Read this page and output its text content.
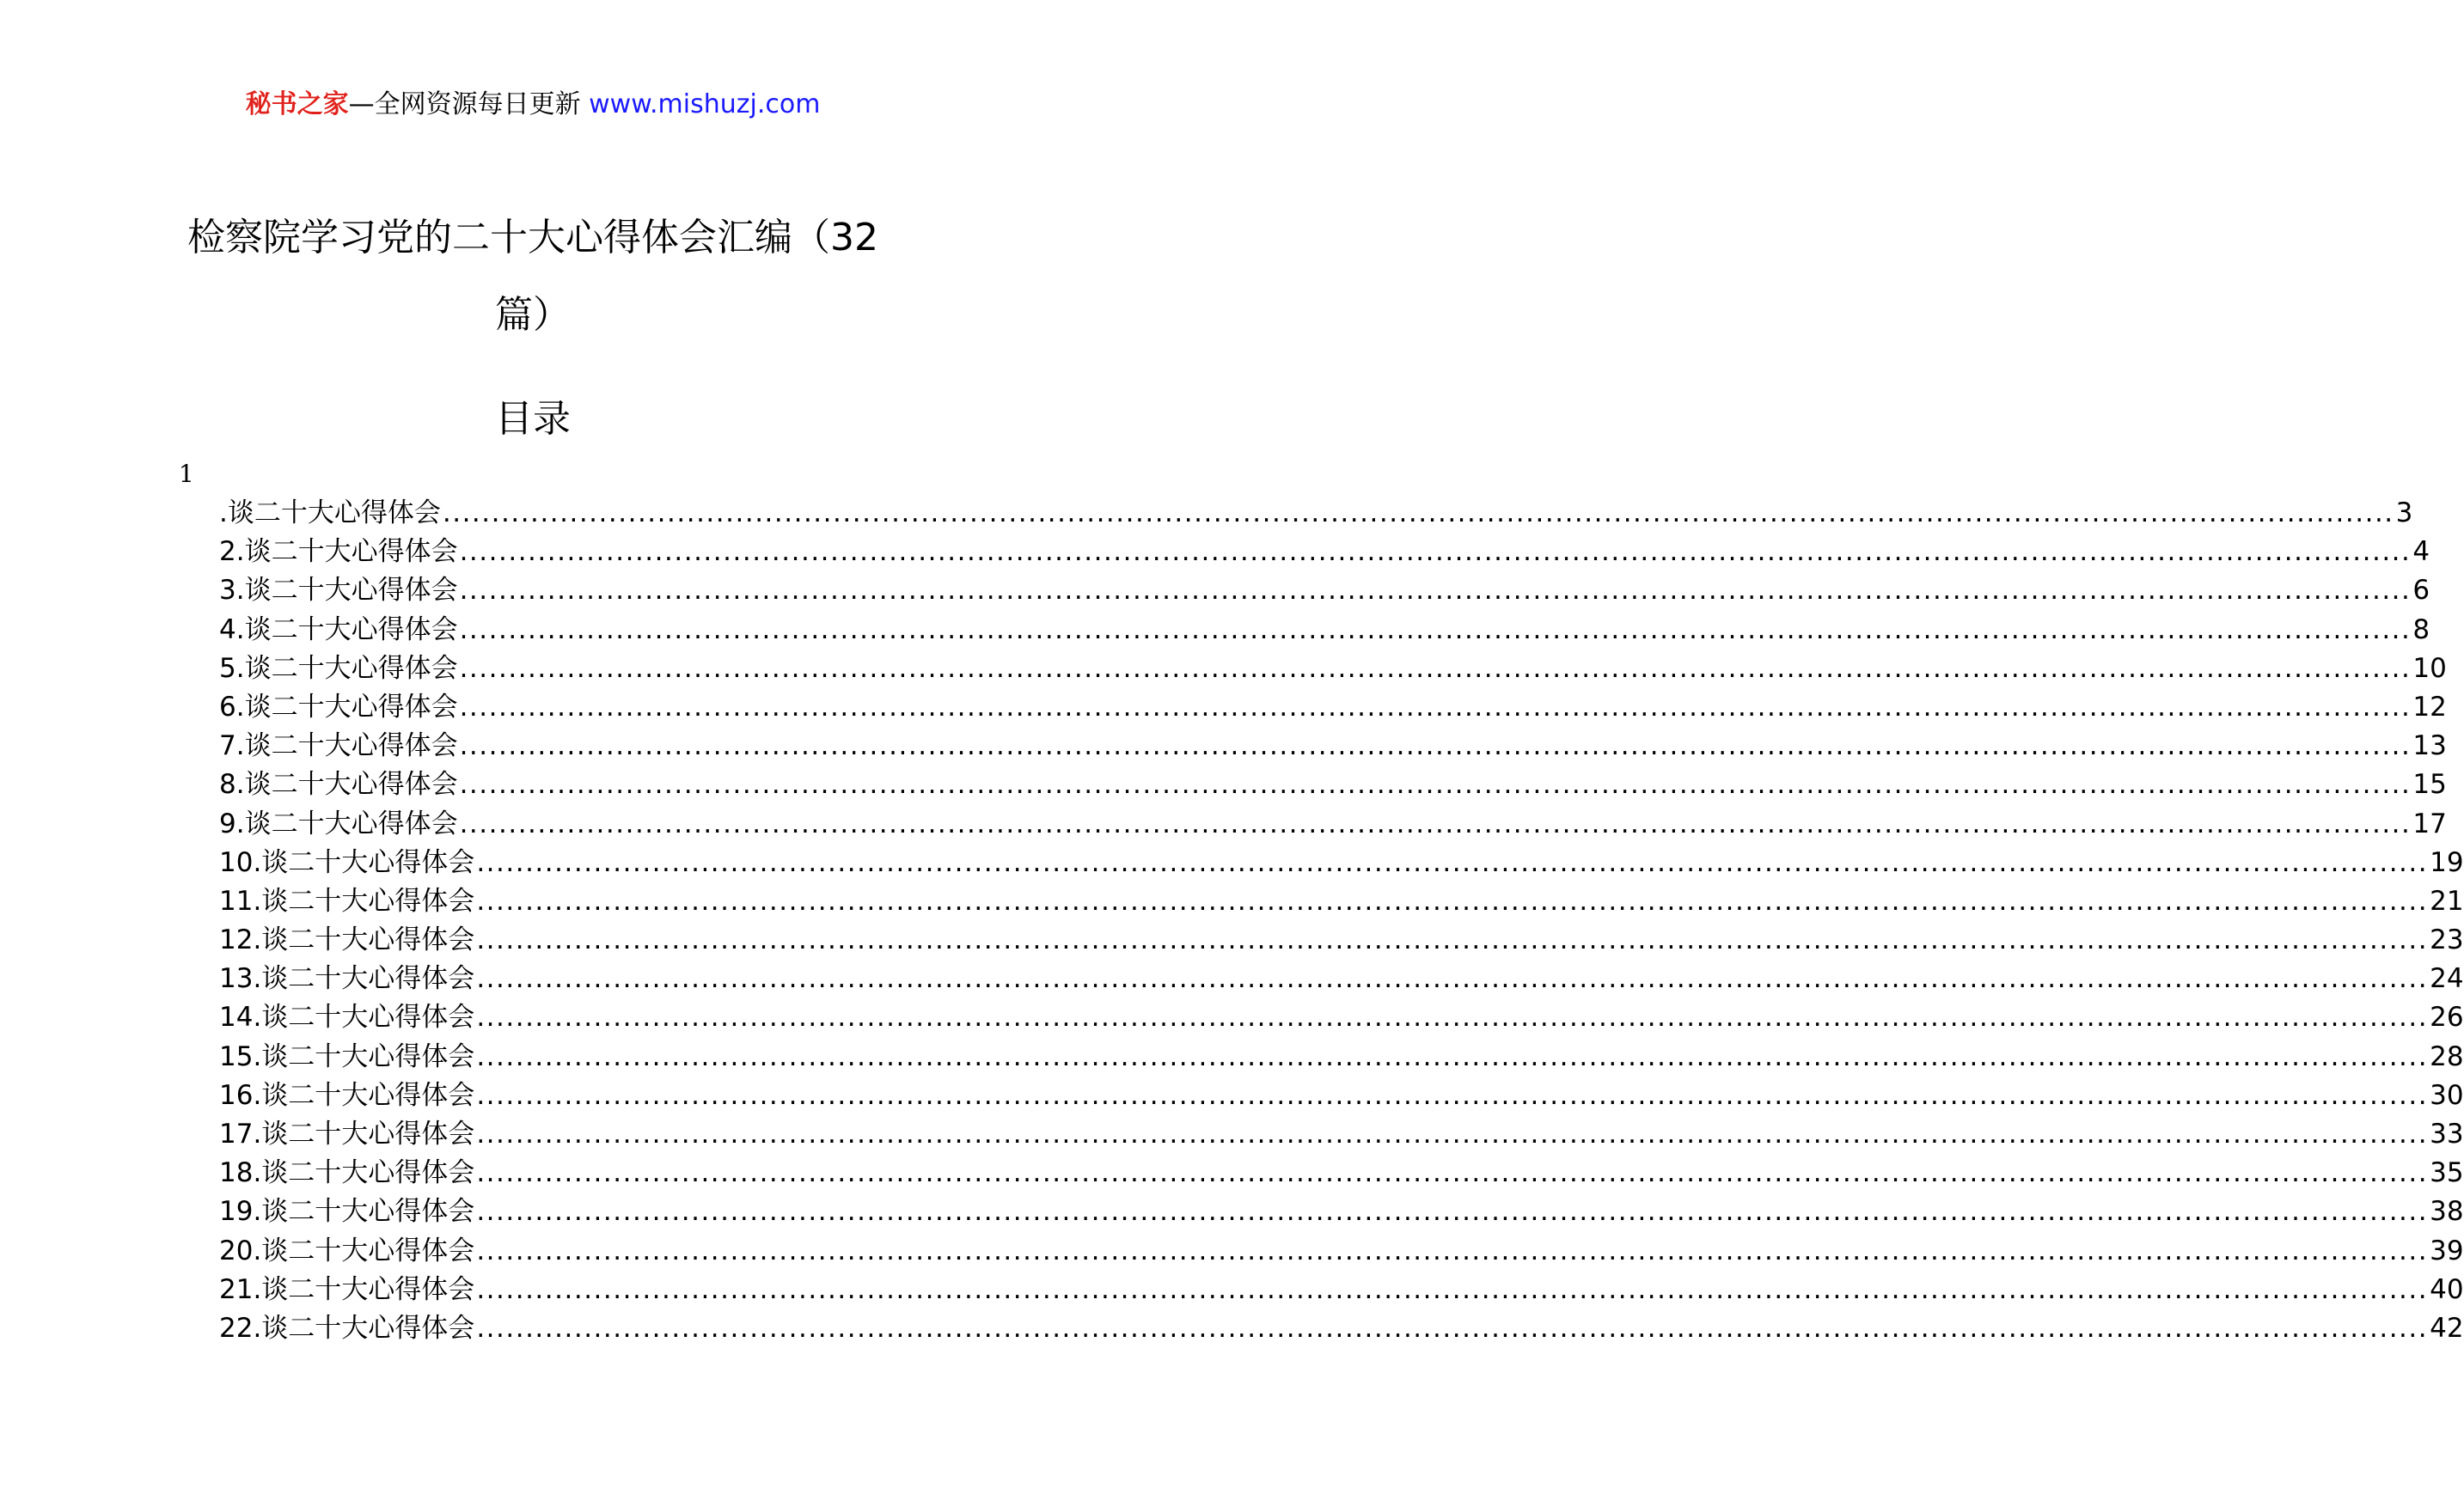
秘书之家—全网资源每日更新 www.mishuzj.com
检察院学习党的二十大心得体会汇编（32篇）
目录
1
.谈二十大心得体会 ........................................................................................................................................................................................................ 3
2.谈二十大心得体会 ........................................................................................................................................................................................................ 4
3.谈二十大心得体会 ........................................................................................................................................................................................................ 6
4.谈二十大心得体会 ........................................................................................................................................................................................................ 8
5.谈二十大心得体会 ........................................................................................................................................................................................................ 10
6.谈二十大心得体会 ........................................................................................................................................................................................................ 12
7.谈二十大心得体会 ........................................................................................................................................................................................................ 13
8.谈二十大心得体会 ........................................................................................................................................................................................................ 15
9.谈二十大心得体会 ........................................................................................................................................................................................................ 17
10.谈二十大心得体会 ........................................................................................................................................................................................................ 19
11.谈二十大心得体会 ........................................................................................................................................................................................................ 21
12.谈二十大心得体会 ........................................................................................................................................................................................................ 23
13.谈二十大心得体会 ........................................................................................................................................................................................................ 24
14.谈二十大心得体会 ........................................................................................................................................................................................................ 26
15.谈二十大心得体会 ........................................................................................................................................................................................................ 28
16.谈二十大心得体会 ........................................................................................................................................................................................................ 30
17.谈二十大心得体会 ........................................................................................................................................................................................................ 33
18.谈二十大心得体会 ........................................................................................................................................................................................................ 35
19.谈二十大心得体会 ........................................................................................................................................................................................................ 38
20.谈二十大心得体会 ........................................................................................................................................................................................................ 39
21.谈二十大心得体会 ........................................................................................................................................................................................................ 40
22.谈二十大心得体会 ........................................................................................................................................................................................................ 42
